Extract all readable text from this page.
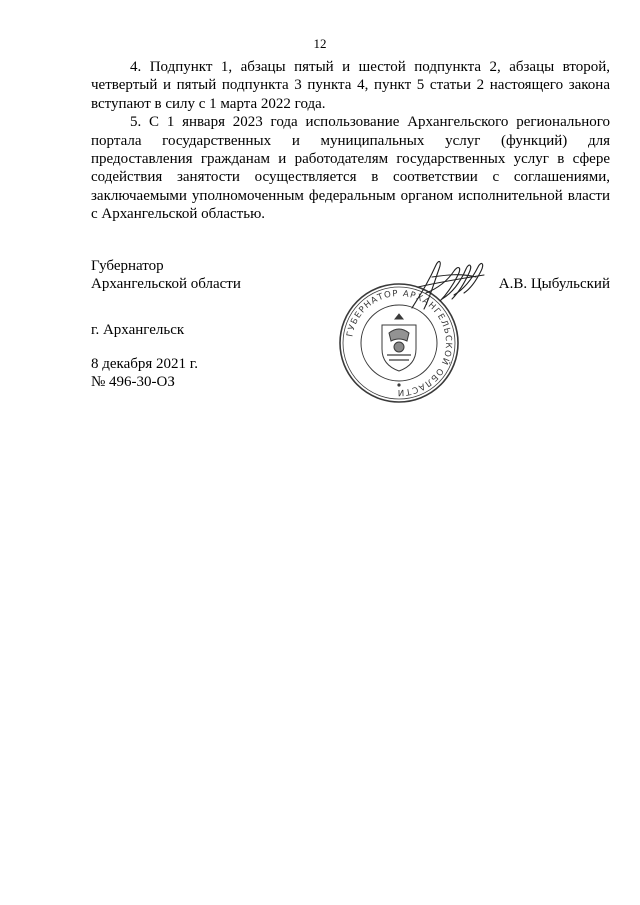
12

4. Подпункт 1, абзацы пятый и шестой подпункта 2, абзацы второй, четвертый и пятый подпункта 3 пункта 4, пункт 5 статьи 2 настоящего закона вступают в силу с 1 марта 2022 года.

5. С 1 января 2023 года использование Архангельского регионального портала государственных и муниципальных услуг (функций) для предоставления гражданам и работодателям государственных услуг в сфере содействия занятости осуществляется в соответствии с соглашениями, заключаемыми уполномоченным федеральным органом исполнительной власти с Архангельской областью.

Губернатор
Архангельской области	А.В. Цыбульский
ГУБЕРНАТОР АРХАНГЕЛЬСКОЙ ОБЛАСТИ
г. Архангельск
8 декабря 2021 г.
№ 496-30-ОЗ
